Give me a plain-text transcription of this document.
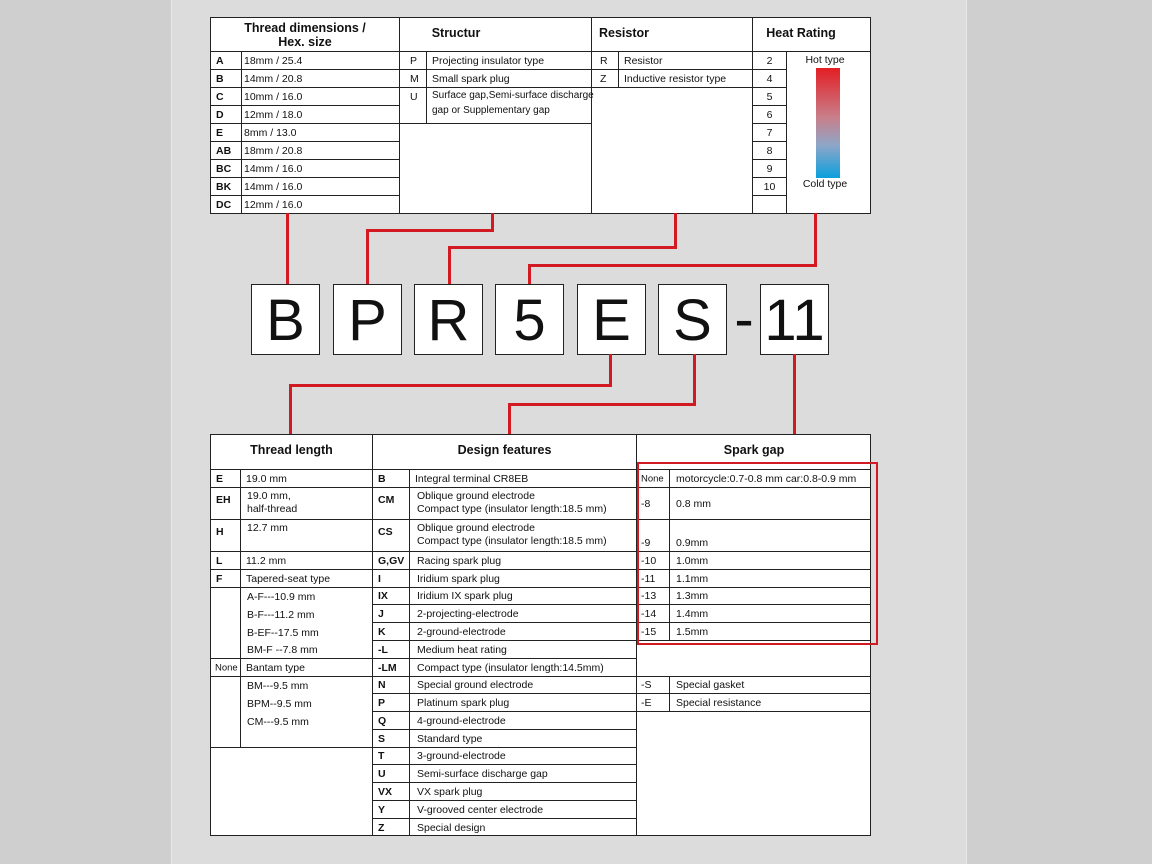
Thread dimensions /
Hex. size
Structur	Resistor	Heat Rating
A 18mm / 25.4
B 14mm / 20.8
C 10mm / 16.0
D 12mm / 18.0
E 8mm / 13.0
AB 18mm / 20.8
BC 14mm / 16.0
BK 14mm / 16.0
DC 12mm / 16.0
P Projecting insulator type
M Small spark plug
U Surface gap,Semi-surface discharge
gap or Supplementary gap
R Resistor
Z Inductive resistor type
2
4
5
6
7
8
9
10
Hot type
Cold type
B P R 5 E S - 11
Thread length	Design features	Spark gap
E 19.0 mm
EH 19.0 mm,
half-thread
H 12.7 mm
L 11.2 mm
F Tapered-seat type
A-F---10.9 mm
B-F---11.2 mm
B-EF--17.5 mm
BM-F --7.8 mm
None Bantam type
BM---9.5 mm
BPM--9.5 mm
CM---9.5 mm
B	Integral terminal CR8EB
CM Oblique ground electrode
Compact type (insulator length:18.5 mm)
CS Oblique ground electrode
Compact type (insulator length:18.5 mm)
G,GV Racing spark plug
I	Iridium spark plug
IX	Iridium IX spark plug
J	2-projecting-electrode
K	2-ground-electrode
-L	Medium heat rating
-LM Compact type (insulator length:14.5mm)
N	Special ground electrode
P	Platinum spark plug
Q	4-ground-electrode
S	Standard type
T	3-ground-electrode
U	Semi-surface discharge gap
VX VX spark plug
Y	V-grooved center electrode
Z	Special design
None motorcycle:0.7-0.8 mm car:0.8-0.9 mm
-8 0.8 mm
-9 0.9mm
-10 1.0mm
-11 1.1mm
-13 1.3mm
-14 1.4mm
-15 1.5mm
-S Special gasket
-E Special resistance
